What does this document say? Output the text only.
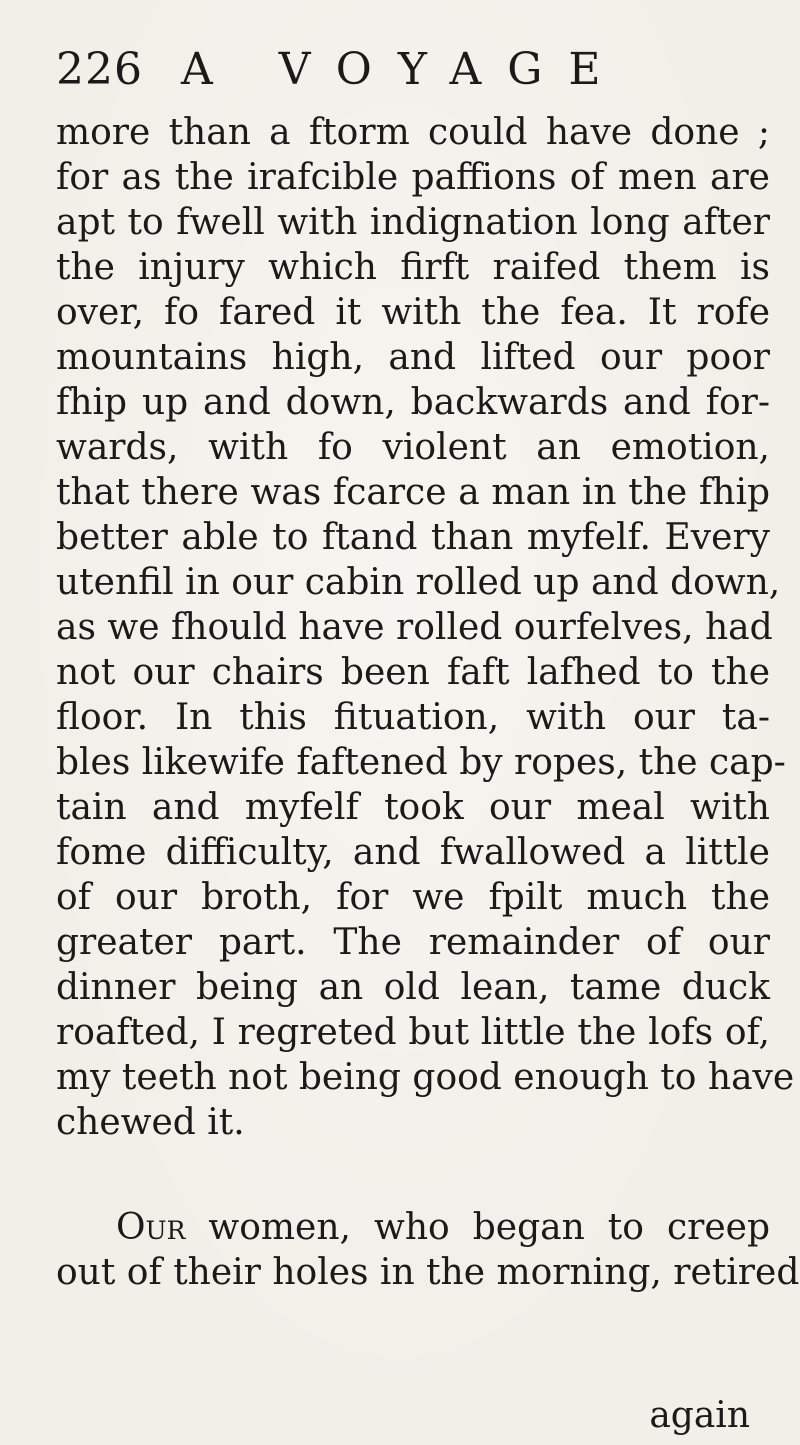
226 A VOYAGE
more than a ftorm could have done ;
for as the irafcible paffions of men are
apt to fwell with indignation long after
the injury which firft raifed them is
over, fo fared it with the fea. It rofe
mountains high, and lifted our poor
fhip up and down, backwards and for-
wards, with fo violent an emotion,
that there was fcarce a man in the fhip
better able to ftand than myfelf. Every
utenfil in our cabin rolled up and down,
as we fhould have rolled ourfelves, had
not our chairs been faft lafhed to the
floor. In this fituation, with our ta-
bles likewife faftened by ropes, the cap-
tain and myfelf took our meal with
fome difficulty, and fwallowed a little
of our broth, for we fpilt much the
greater part. The remainder of our
dinner being an old lean, tame duck
roafted, I regreted but little the lofs of,
my teeth not being good enough to have
chewed it.
Our women, who began to creep
out of their holes in the morning, retired
again
